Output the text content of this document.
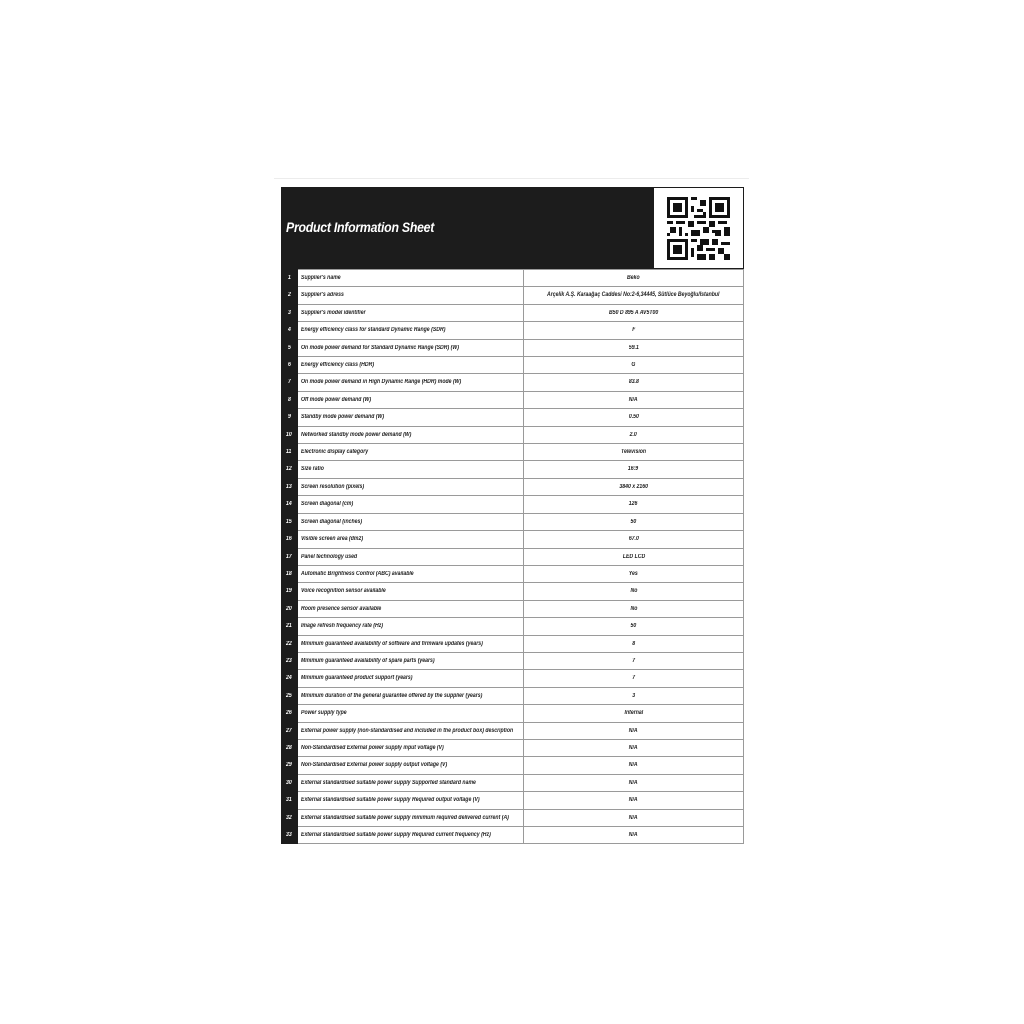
Product Information Sheet
1	Supplier's name	Beko
2	Supplier's adress	Arçelik A.Ş. Karaağaç Caddesi No:2-6,34445, Sütlüce Beyoğlu/İstanbul
3	Supplier's model identifier	B50 D 895 A AV5T00
4	Energy efficiency class for standard Dynamic Range (SDR)	F
5	On mode power demand for Standard Dynamic Range (SDR) (W)	59.1
6	Energy efficiency class (HDR)	G
7	On mode power demand in High Dynamic Range (HDR) mode (W)	83.8
8	Off mode power demand (W)	N/A
9	Standby mode power demand (W)	0.50
10	Networked standby mode power demand (W)	2.0
11	Electronic display category	Television
12	Size ratio	16:9
13	Screen resolution (pixels)	3840 x 2160
14	Screen diagonal (cm)	126
15	Screen diagonal (inches)	50
16	Visible screen area (dm2)	67.0
17	Panel technology used	LED LCD
18	Automatic Brightness Control (ABC) available	Yes
19	Voice recognition sensor available	No
20	Room presence sensor available	No
21	Image refresh frequency rate (Hz)	50
22	Minimum guaranteed availability of software and firmware updates (years)	8
23	Minimum guaranteed availability of spare parts (years)	7
24	Minimum guaranteed product support (years)	7
25	Minimum duration of the general guarantee offered by the supplier (years)	3
26	Power supply type	Internal
27	External power supply (non-standardised and included in the product box) description	N/A
28	Non-Standardised External power supply input voltage (V)	N/A
29	Non-Standardised External power supply output voltage (V)	N/A
30	External standardised suitable power supply Supported standard name	N/A
31	External standardised suitable power supply Required output voltage (V)	N/A
32	External standardised suitable power supply minimum required delivered current (A)	N/A
33	External standardised suitable power supply Required current frequency (Hz)	N/A
